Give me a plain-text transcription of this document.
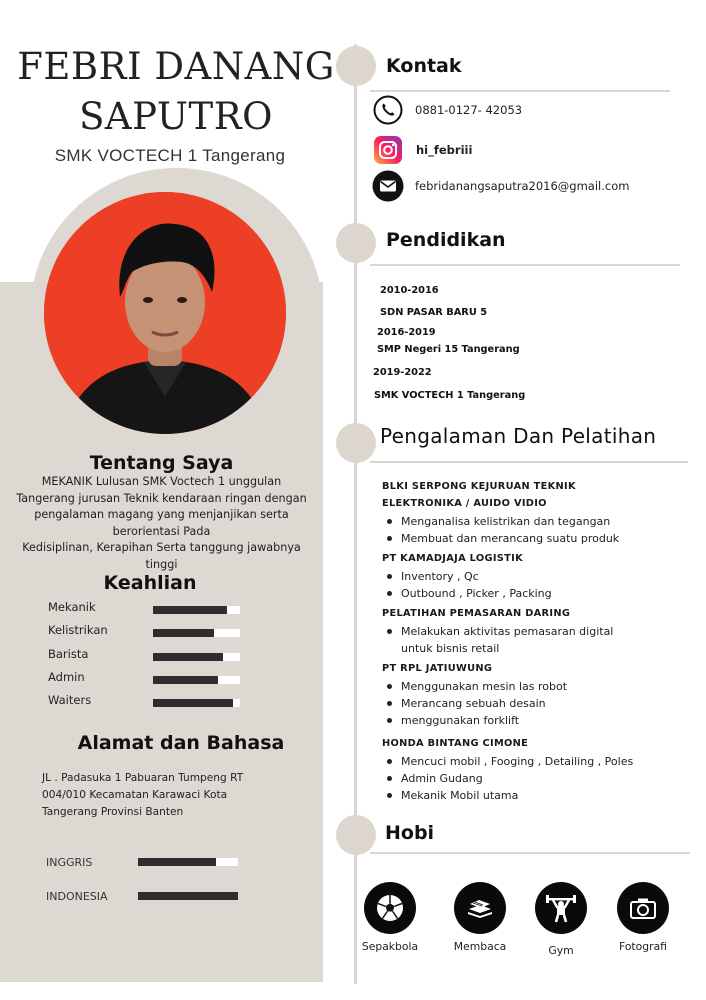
FEBRI DANANG
SAPUTRO
SMK VOCTECH 1 Tangerang
Tentang Saya
MEKANIK Lulusan SMK Voctech 1 unggulan
Tangerang jurusan Teknik kendaraan ringan dengan
pengalaman magang yang menjanjikan serta
berorientasi Pada
Kedisiplinan, Kerapihan Serta tanggung jawabnya
tinggi
Keahlian
Mekanik
Kelistrikan
Barista
Admin
Waiters
Alamat dan Bahasa
JL . Padasuka 1 Pabuaran Tumpeng RT
004/010 Kecamatan Karawaci Kota
Tangerang Provinsi Banten
INGGRIS
INDONESIA
Kontak
0881-0127- 42053
hi_febriii
febridanangsaputra2016@gmail.com
Pendidikan
2010-2016
SDN PASAR BARU 5
2016-2019
SMP Negeri 15 Tangerang
2019-2022
SMK VOCTECH 1 Tangerang
Pengalaman Dan Pelatihan
BLKI SERPONG KEJURUAN TEKNIK
ELEKTRONIKA / AUIDO VIDIO
Menganalisa kelistrikan dan tegangan
Membuat dan merancang suatu produk
PT KAMADJAJA LOGISTIK
Inventory , Qc
Outbound , Picker , Packing
PELATIHAN PEMASARAN DARING
Melakukan aktivitas pemasaran digital
untuk bisnis retail
PT RPL JATIUWUNG
Menggunakan mesin las robot
Merancang sebuah desain
menggunakan forklift
HONDA BINTANG CIMONE
Mencuci mobil , Fooging , Detailing , Poles
Admin Gudang
Mekanik Mobil utama
Hobi
Sepakbola	Membaca	Gym	Fotografi
